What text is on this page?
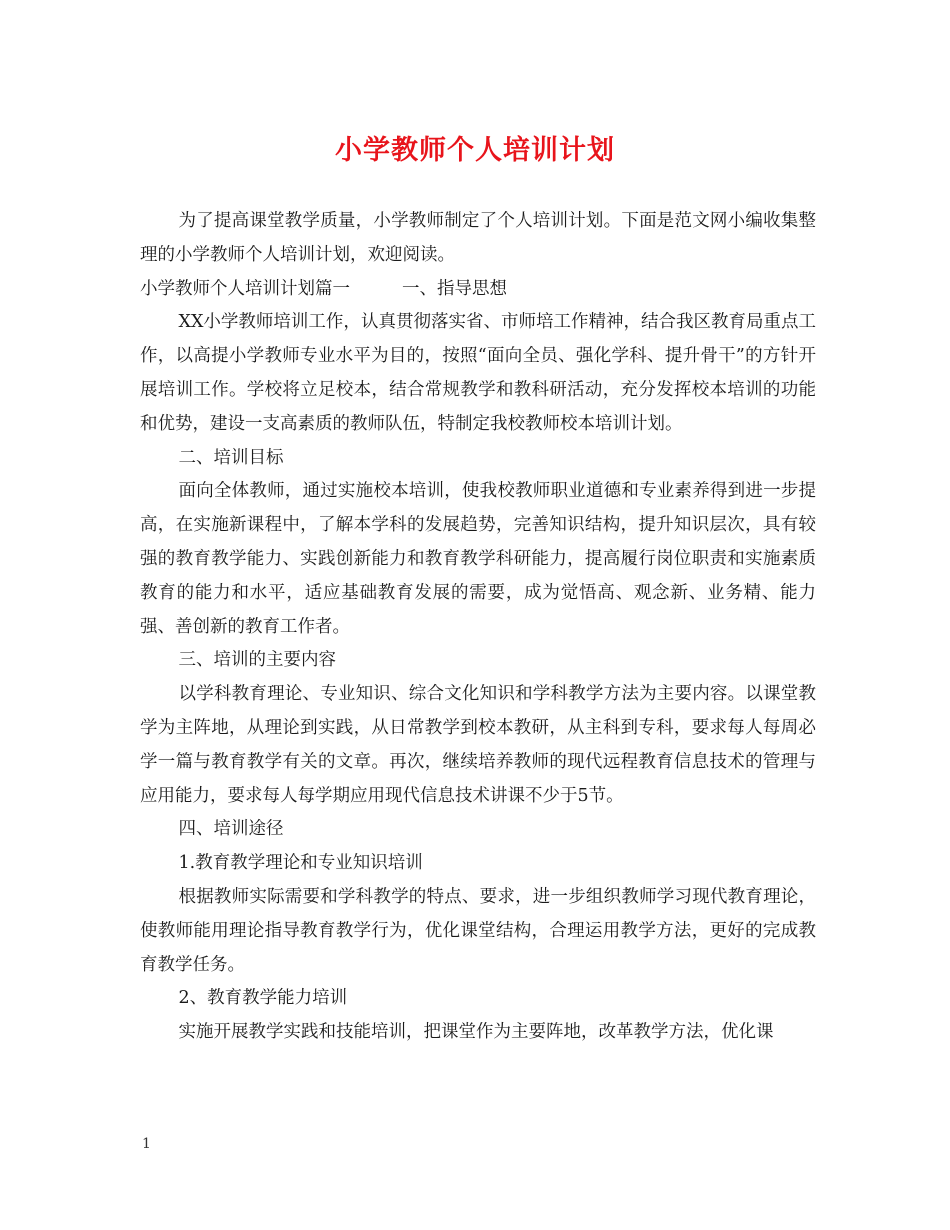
小学教师个人培训计划

为了提高课堂教学质量，小学教师制定了个人培训计划。下面是范文网小编收集整理的小学教师个人培训计划，欢迎阅读。

小学教师个人培训计划篇一	一、指导思想

XX小学教师培训工作，认真贯彻落实省、市师培工作精神，结合我区教育局重点工作，以高提小学教师专业水平为目的，按照“面向全员、强化学科、提升骨干”的方针开展培训工作。学校将立足校本，结合常规教学和教科研活动，充分发挥校本培训的功能和优势，建设一支高素质的教师队伍，特制定我校教师校本培训计划。

二、培训目标

面向全体教师，通过实施校本培训，使我校教师职业道德和专业素养得到进一步提高，在实施新课程中，了解本学科的发展趋势，完善知识结构，提升知识层次，具有较强的教育教学能力、实践创新能力和教育教学科研能力，提高履行岗位职责和实施素质教育的能力和水平，适应基础教育发展的需要，成为觉悟高、观念新、业务精、能力强、善创新的教育工作者。

三、培训的主要内容

以学科教育理论、专业知识、综合文化知识和学科教学方法为主要内容。以课堂教学为主阵地，从理论到实践，从日常教学到校本教研，从主科到专科，要求每人每周必学一篇与教育教学有关的文章。再次，继续培养教师的现代远程教育信息技术的管理与应用能力，要求每人每学期应用现代信息技术讲课不少于5节。

四、培训途径

1.教育教学理论和专业知识培训

根据教师实际需要和学科教学的特点、要求，进一步组织教师学习现代教育理论，使教师能用理论指导教育教学行为，优化课堂结构，合理运用教学方法，更好的完成教育教学任务。

2、教育教学能力培训

实施开展教学实践和技能培训，把课堂作为主要阵地，改革教学方法，优化课

1
